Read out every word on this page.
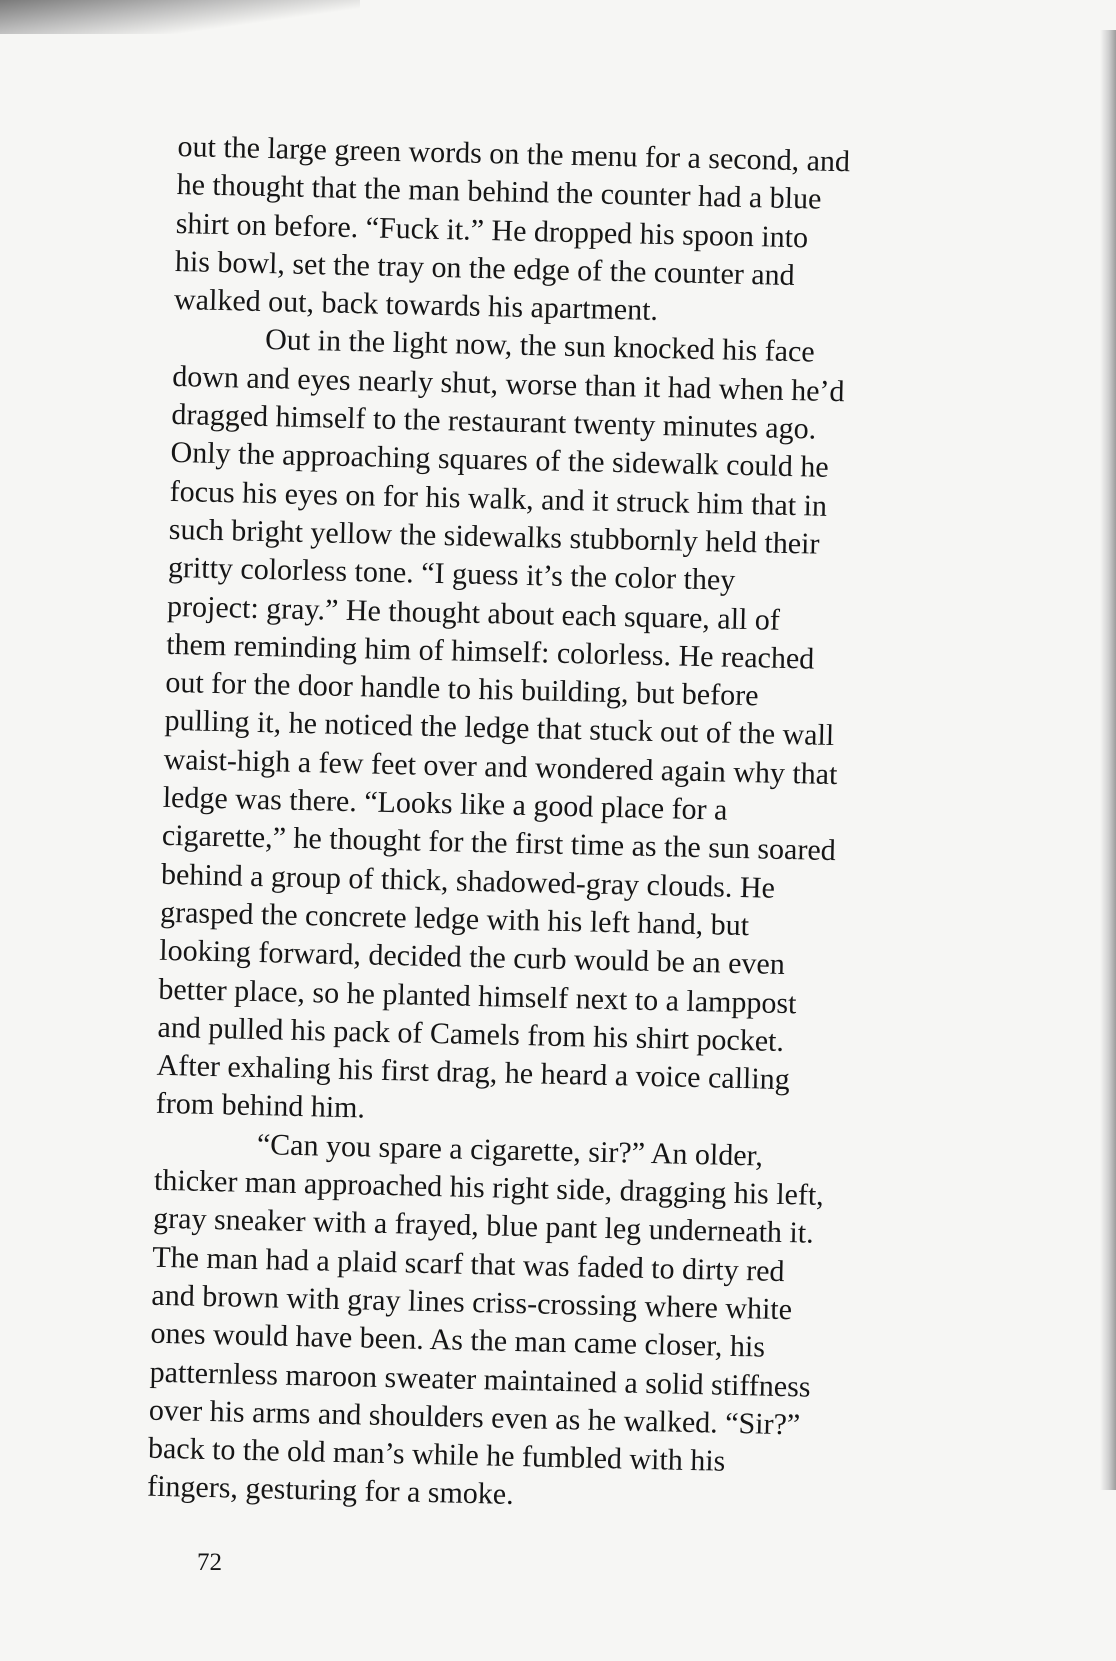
out the large green words on the menu for a second, and
he thought that the man behind the counter had a blue
shirt on before. “Fuck it.” He dropped his spoon into
his bowl, set the tray on the edge of the counter and
walked out, back towards his apartment.
Out in the light now, the sun knocked his face
down and eyes nearly shut, worse than it had when he’d
dragged himself to the restaurant twenty minutes ago.
Only the approaching squares of the sidewalk could he
focus his eyes on for his walk, and it struck him that in
such bright yellow the sidewalks stubbornly held their
gritty colorless tone. “I guess it’s the color they
project: gray.” He thought about each square, all of
them reminding him of himself: colorless. He reached
out for the door handle to his building, but before
pulling it, he noticed the ledge that stuck out of the wall
waist-high a few feet over and wondered again why that
ledge was there. “Looks like a good place for a
cigarette,” he thought for the first time as the sun soared
behind a group of thick, shadowed-gray clouds. He
grasped the concrete ledge with his left hand, but
looking forward, decided the curb would be an even
better place, so he planted himself next to a lamppost
and pulled his pack of Camels from his shirt pocket.
After exhaling his first drag, he heard a voice calling
from behind him.
“Can you spare a cigarette, sir?” An older,
thicker man approached his right side, dragging his left,
gray sneaker with a frayed, blue pant leg underneath it.
The man had a plaid scarf that was faded to dirty red
and brown with gray lines criss-crossing where white
ones would have been. As the man came closer, his
patternless maroon sweater maintained a solid stiffness
over his arms and shoulders even as he walked. “Sir?”
back to the old man’s while he fumbled with his
fingers, gesturing for a smoke.
72
